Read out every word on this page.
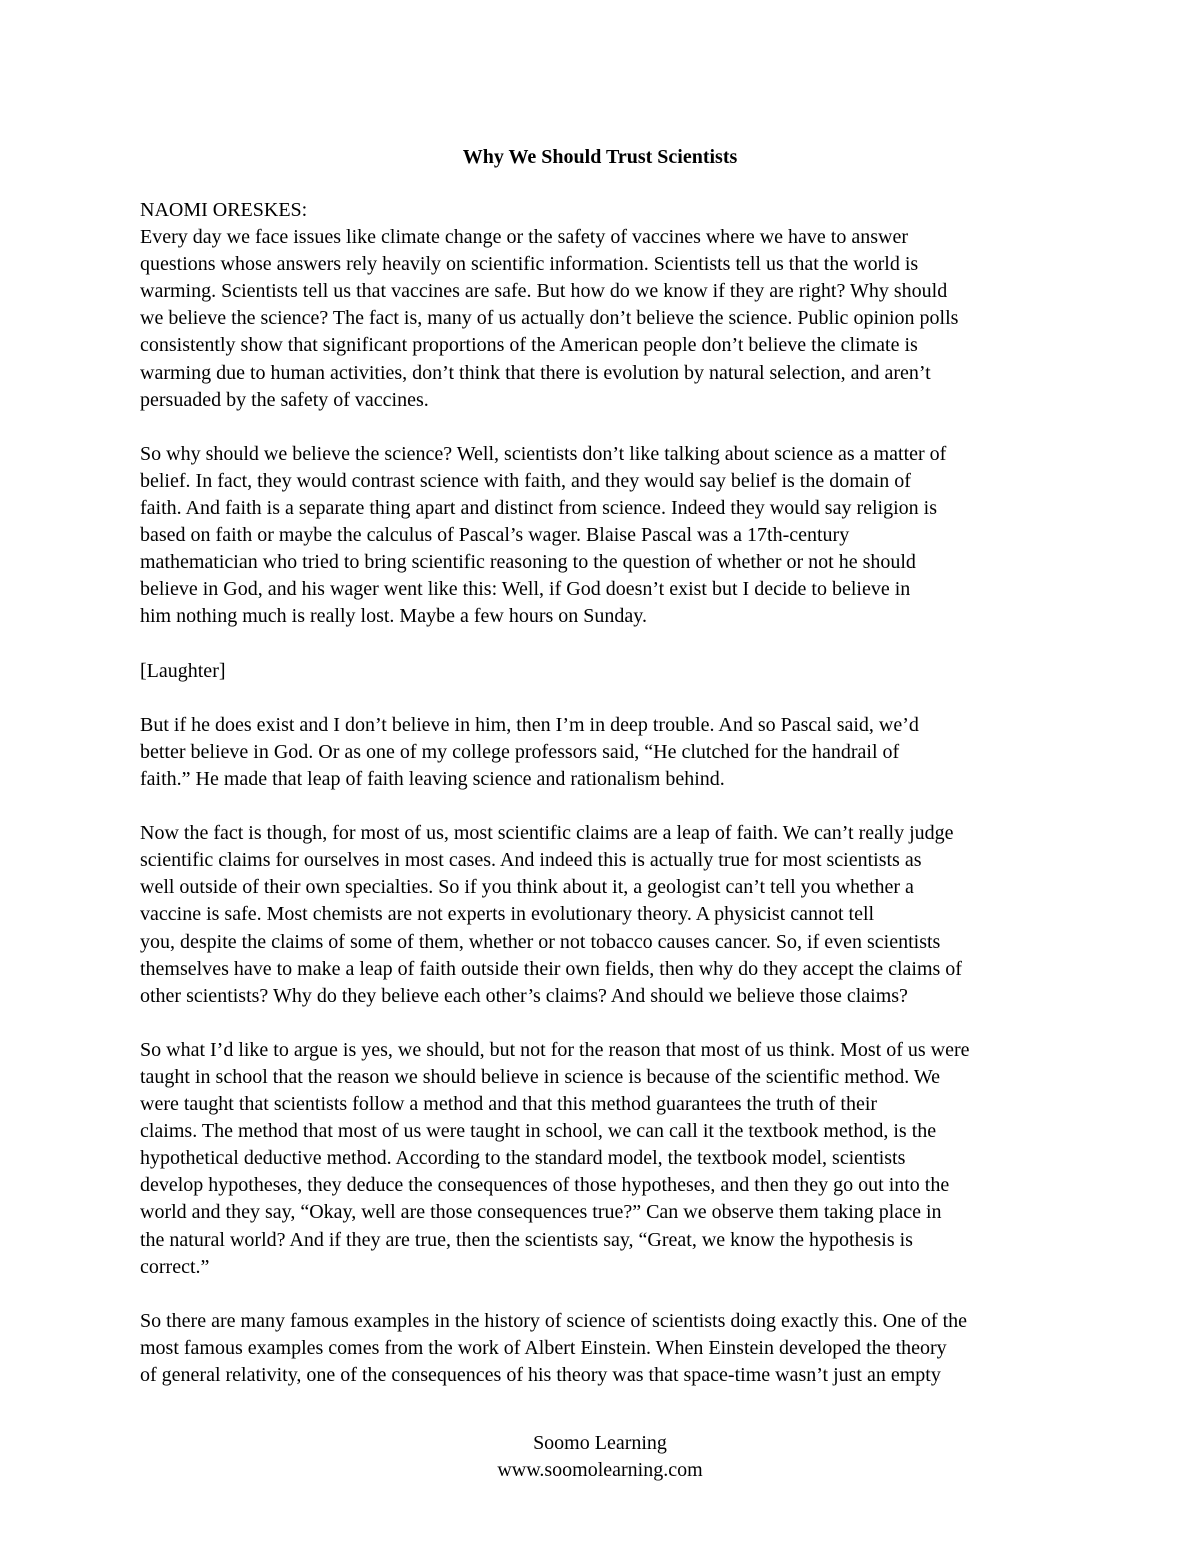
Why We Should Trust Scientists
NAOMI ORESKES:
Every day we face issues like climate change or the safety of vaccines where we have to answer
questions whose answers rely heavily on scientific information. Scientists tell us that the world is
warming. Scientists tell us that vaccines are safe. But how do we know if they are right? Why should
we believe the science? The fact is, many of us actually don’t believe the science. Public opinion polls
consistently show that significant proportions of the American people don’t believe the climate is
warming due to human activities, don’t think that there is evolution by natural selection, and aren’t
persuaded by the safety of vaccines.
So why should we believe the science? Well, scientists don’t like talking about science as a matter of
belief. In fact, they would contrast science with faith, and they would say belief is the domain of
faith. And faith is a separate thing apart and distinct from science. Indeed they would say religion is
based on faith or maybe the calculus of Pascal’s wager. Blaise Pascal was a 17th-century
mathematician who tried to bring scientific reasoning to the question of whether or not he should
believe in God, and his wager went like this: Well, if God doesn’t exist but I decide to believe in
him nothing much is really lost. Maybe a few hours on Sunday.
[Laughter]
But if he does exist and I don’t believe in him, then I’m in deep trouble. And so Pascal said, we’d
better believe in God. Or as one of my college professors said, “He clutched for the handrail of
faith.” He made that leap of faith leaving science and rationalism behind.
Now the fact is though, for most of us, most scientific claims are a leap of faith. We can’t really judge
scientific claims for ourselves in most cases. And indeed this is actually true for most scientists as
well outside of their own specialties. So if you think about it, a geologist can’t tell you whether a
vaccine is safe. Most chemists are not experts in evolutionary theory. A physicist cannot tell
you, despite the claims of some of them, whether or not tobacco causes cancer. So, if even scientists
themselves have to make a leap of faith outside their own fields, then why do they accept the claims of
other scientists? Why do they believe each other’s claims? And should we believe those claims?
So what I’d like to argue is yes, we should, but not for the reason that most of us think. Most of us were
taught in school that the reason we should believe in science is because of the scientific method. We
were taught that scientists follow a method and that this method guarantees the truth of their
claims. The method that most of us were taught in school, we can call it the textbook method, is the
hypothetical deductive method. According to the standard model, the textbook model, scientists
develop hypotheses, they deduce the consequences of those hypotheses, and then they go out into the
world and they say, “Okay, well are those consequences true?” Can we observe them taking place in
the natural world? And if they are true, then the scientists say, “Great, we know the hypothesis is
correct.”
So there are many famous examples in the history of science of scientists doing exactly this. One of the
most famous examples comes from the work of Albert Einstein. When Einstein developed the theory
of general relativity, one of the consequences of his theory was that space-time wasn’t just an empty
Soomo Learning
www.soomolearning.com
